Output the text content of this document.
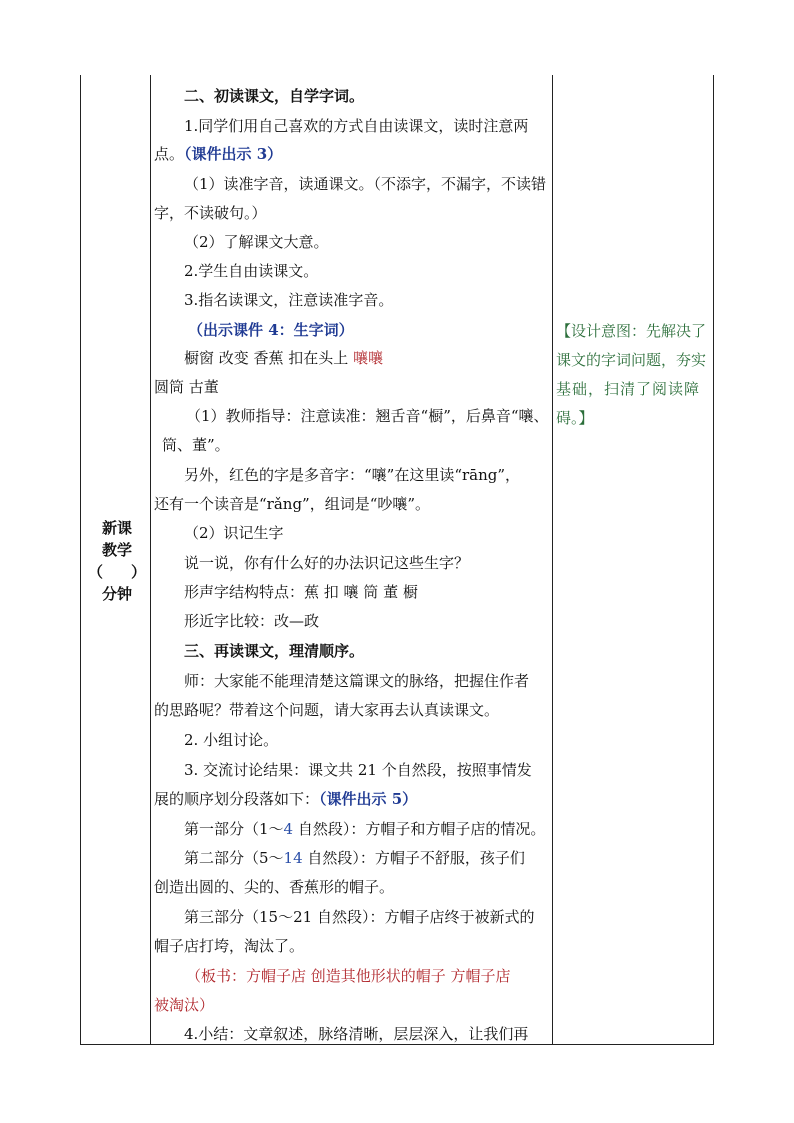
新课
教学
（ ）
分钟
二、初读课文，自学字词。
1.同学们用自己喜欢的方式自由读课文，读时注意两
点。（课件出示 3）
（1）读准字音，读通课文。（不添字，不漏字，不读错
字，不读破句。）
（2）了解课文大意。
2.学生自由读课文。
3.指名读课文，注意读准字音。
（出示课件 4：生字词）
橱窗 改变 香蕉 扣在头上 嚷嚷
圆筒 古董
（1）教师指导：注意读准：翘舌音“橱”，后鼻音“嚷、
筒、董”。
另外，红色的字是多音字：“嚷”在这里读“rāng”，
还有一个读音是“rǎng”，组词是“吵嚷”。
（2）识记生字
说一说，你有什么好的办法识记这些生字？
形声字结构特点：蕉 扣 嚷 筒 董 橱
形近字比较：改—政
三、再读课文，理清顺序。
师：大家能不能理清楚这篇课文的脉络，把握住作者
的思路呢？带着这个问题，请大家再去认真读课文。
2. 小组讨论。
3. 交流讨论结果：课文共 21 个自然段，按照事情发
展的顺序划分段落如下：（课件出示 5）
第一部分（1～4 自然段）：方帽子和方帽子店的情况。
第二部分（5～14 自然段）：方帽子不舒服，孩子们
创造出圆的、尖的、香蕉形的帽子。
第三部分（15～21 自然段）：方帽子店终于被新式的
帽子店打垮，淘汰了。
（板书：方帽子店 创造其他形状的帽子 方帽子店
被淘汰）
4.小结：文章叙述，脉络清晰，层层深入，让我们再
【设计意图：先解决了
课文的字词问题，夯实
基础，扫清了阅读障
碍。】
